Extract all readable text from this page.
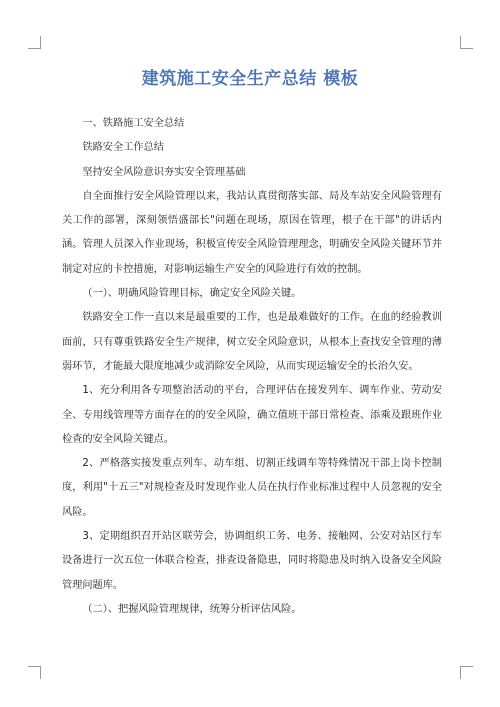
建筑施工安全生产总结 模板

一、铁路施工安全总结

铁路安全工作总结

坚持安全风险意识夯实安全管理基础

自全面推行安全风险管理以来，我站认真贯彻落实部、局及车站安全风险管理有关工作的部署，深刻领悟盛部长"问题在现场，原因在管理，根子在干部"的讲话内涵。管理人员深入作业现场，积极宣传安全风险管理理念，明确安全风险关键环节并制定对应的卡控措施，对影响运输生产安全的风险进行有效的控制。

（一）、明确风险管理目标，确定安全风险关键。

铁路安全工作一直以来是最重要的工作，也是最难做好的工作。在血的经验教训面前，只有尊重铁路安全生产规律，树立安全风险意识，从根本上查找安全管理的薄弱环节，才能最大限度地减少或消除安全风险，从而实现运输安全的长治久安。

1、充分利用各专项整治活动的平台，合理评估在接发列车、调车作业、劳动安全、专用线管理等方面存在的的安全风险，确立值班干部日常检查、添乘及跟班作业检查的安全风险关键点。

2、严格落实接发重点列车、动车组、切割正线调车等特殊情况干部上岗卡控制度，利用"十五三"对规检查及时发现作业人员在执行作业标准过程中人员忽视的安全风险。

3、定期组织召开站区联劳会，协调组织工务、电务、接触网、公安对站区行车设备进行一次五位一体联合检查，排查设备隐患，同时将隐患及时纳入设备安全风险管理问题库。

（二）、把握风险管理规律，统筹分析评估风险。
